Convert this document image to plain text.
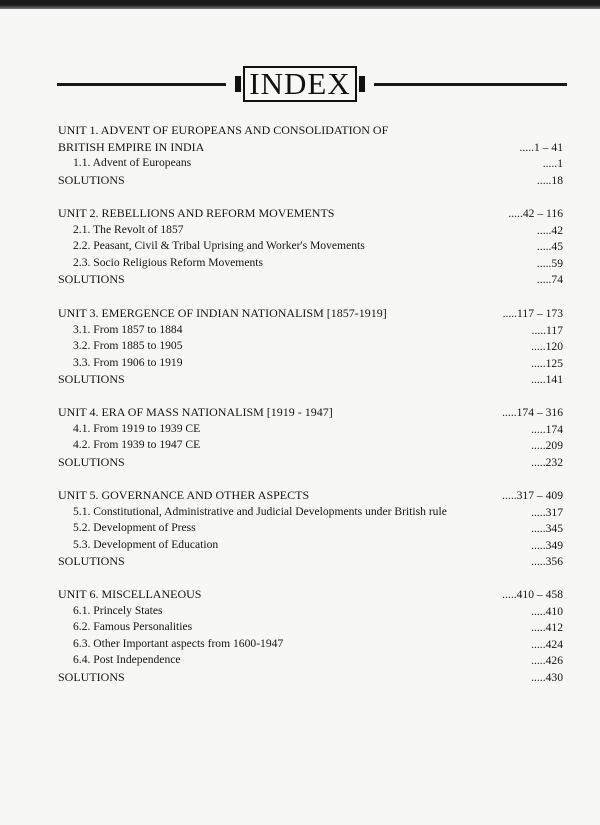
INDEX
UNIT 1. ADVENT OF EUROPEANS AND CONSOLIDATION OF
BRITISH EMPIRE IN INDIA	.....1 – 41
1.1. Advent of Europeans	.....1
SOLUTIONS	.....18
UNIT 2. REBELLIONS AND REFORM MOVEMENTS	.....42 – 116
2.1. The Revolt of 1857	.....42
2.2. Peasant, Civil & Tribal Uprising and Worker's Movements	.....45
2.3. Socio Religious Reform Movements	.....59
SOLUTIONS	.....74
UNIT 3. EMERGENCE OF INDIAN NATIONALISM [1857-1919]	.....117 – 173
3.1. From 1857 to 1884	.....117
3.2. From 1885 to 1905	.....120
3.3. From 1906 to 1919	.....125
SOLUTIONS	.....141
UNIT 4. ERA OF MASS NATIONALISM [1919 - 1947]	.....174 – 316
4.1. From 1919 to 1939 CE	.....174
4.2. From 1939 to 1947 CE	.....209
SOLUTIONS	.....232
UNIT 5. GOVERNANCE AND OTHER ASPECTS	.....317 – 409
5.1. Constitutional, Administrative and Judicial Developments under British rule	.....317
5.2. Development of Press	.....345
5.3. Development of Education	.....349
SOLUTIONS	.....356
UNIT 6. MISCELLANEOUS	.....410 – 458
6.1. Princely States	.....410
6.2. Famous Personalities	.....412
6.3. Other Important aspects from 1600-1947	.....424
6.4. Post Independence	.....426
SOLUTIONS	.....430
